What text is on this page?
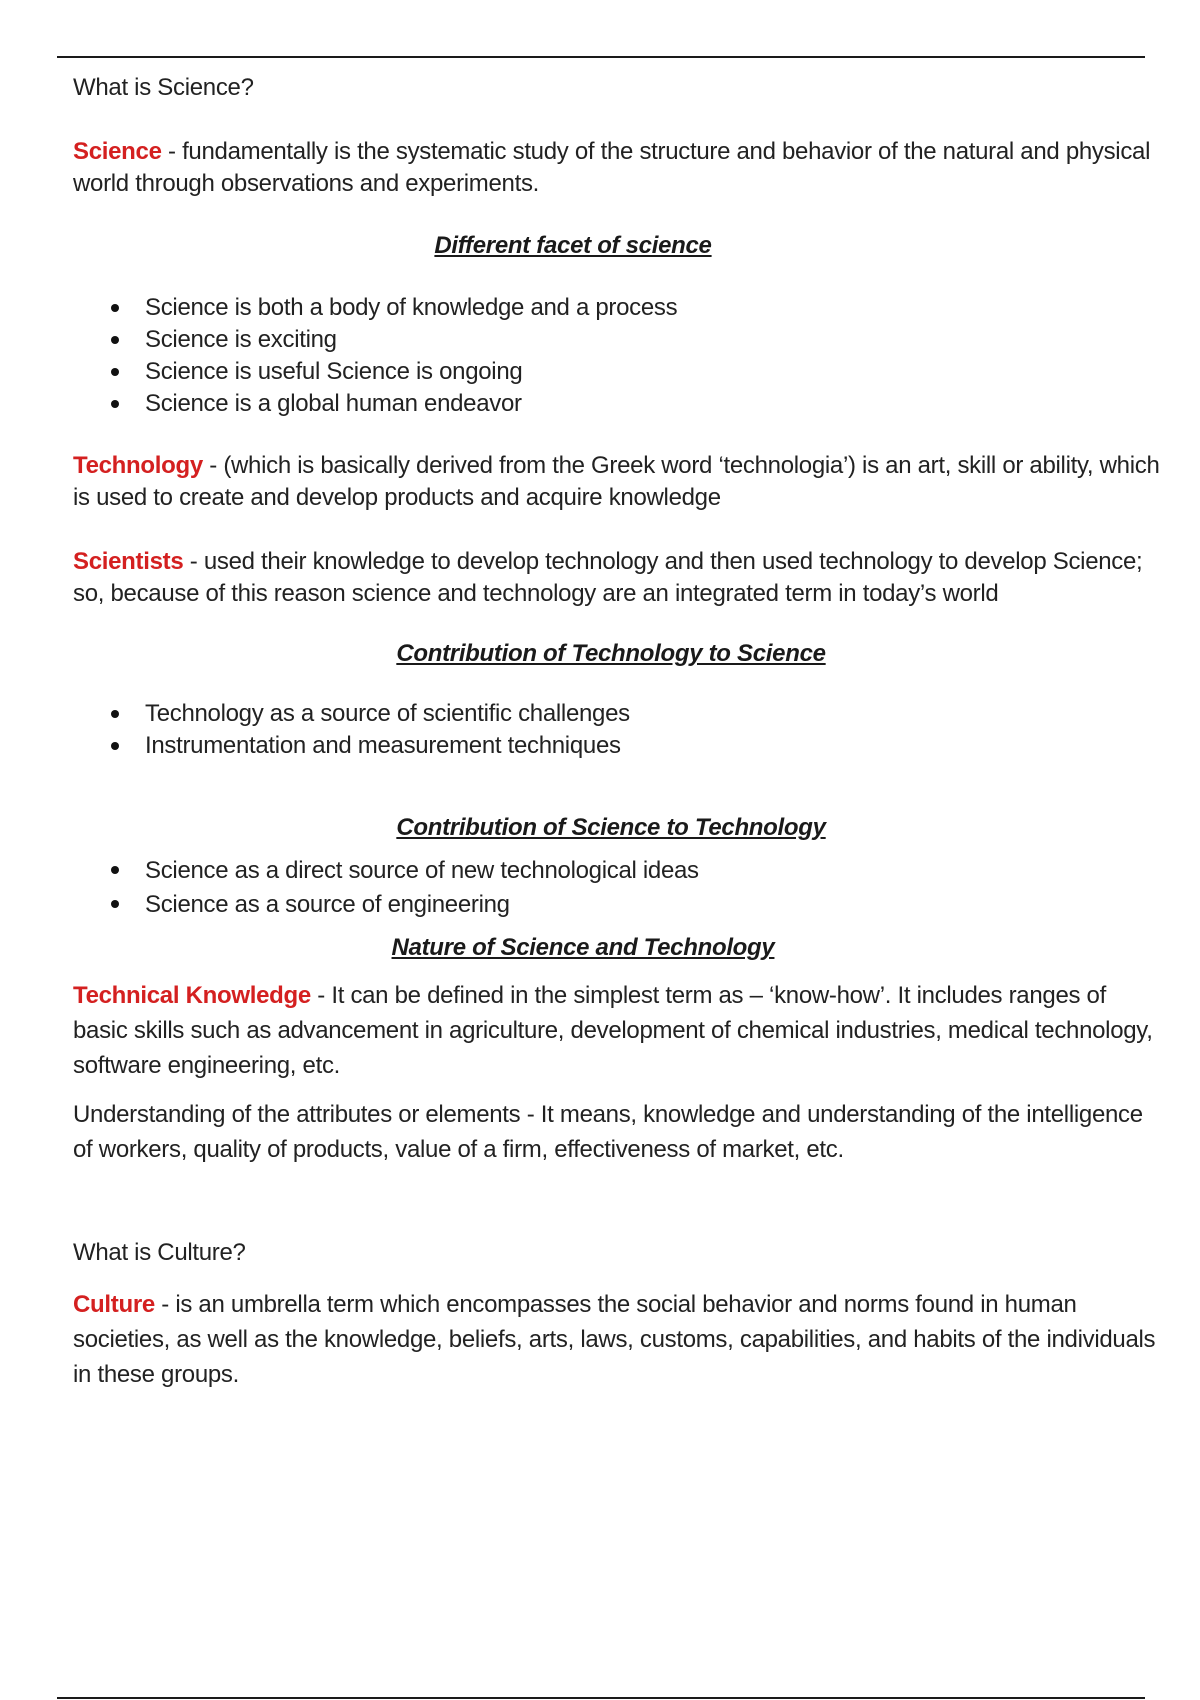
What is Science?

Science - fundamentally is the systematic study of the structure and behavior of the natural and physical world through observations and experiments.

Different facet of science

Science is both a body of knowledge and a process
Science is exciting
Science is useful Science is ongoing
Science is a global human endeavor

Technology - (which is basically derived from the Greek word ‘technologia’) is an art, skill or ability, which is used to create and develop products and acquire knowledge

Scientists - used their knowledge to develop technology and then used technology to develop Science; so, because of this reason science and technology are an integrated term in today’s world

Contribution of Technology to Science

Technology as a source of scientific challenges
Instrumentation and measurement techniques

Contribution of Science to Technology

Science as a direct source of new technological ideas
Science as a source of engineering

Nature of Science and Technology

Technical Knowledge - It can be defined in the simplest term as – ‘know-how’. It includes ranges of basic skills such as advancement in agriculture, development of chemical industries, medical technology, software engineering, etc.

Understanding of the attributes or elements - It means, knowledge and understanding of the intelligence of workers, quality of products, value of a firm, effectiveness of market, etc.

What is Culture?

Culture - is an umbrella term which encompasses the social behavior and norms found in human societies, as well as the knowledge, beliefs, arts, laws, customs, capabilities, and habits of the individuals in these groups.
